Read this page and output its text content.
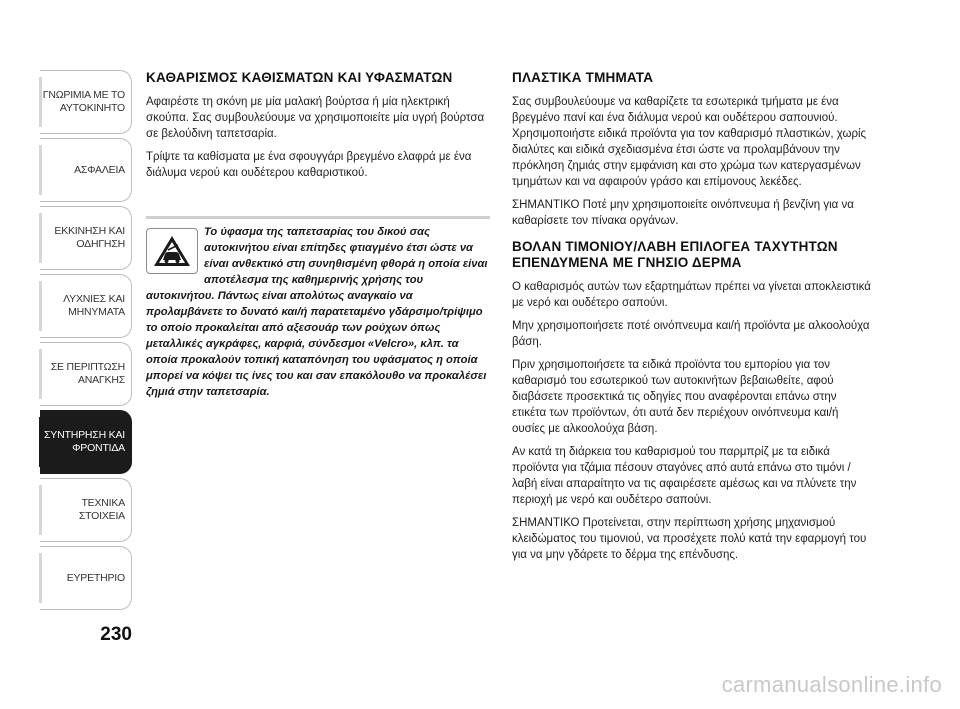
ΓΝΩΡΙΜΙΑ ΜΕ ΤΟ ΑΥΤΟΚΙΝΗΤΟ
ΑΣΦΑΛΕΙΑ
ΕΚΚΙΝΗΣΗ ΚΑΙ ΟΔΗΓΗΣΗ
ΛΥΧΝΙΕΣ ΚΑΙ ΜΗΝΥΜΑΤΑ
ΣΕ ΠΕΡΙΠΤΩΣΗ ΑΝΑΓΚΗΣ
ΣΥΝΤΗΡΗΣΗ ΚΑΙ ΦΡΟΝΤΙΔΑ
ΤΕΧΝΙΚΑ ΣΤΟΙΧΕΙΑ
ΕΥΡΕΤΗΡΙΟ
230
ΚΑΘΑΡΙΣΜΟΣ ΚΑΘΙΣΜΑΤΩΝ ΚΑΙ ΥΦΑΣΜΑΤΩΝ

Αφαιρέστε τη σκόνη με μία μαλακή βούρτσα ή μία ηλεκτρική σκούπα. Σας συμβουλεύουμε να χρησιμοποιείτε μία υγρή βούρτσα σε βελούδινη ταπετσαρία.

Τρίψτε τα καθίσματα με ένα σφουγγάρι βρεγμένο ελαφρά με ένα διάλυμα νερού και ουδέτερου καθαριστικού.

Το ύφασμα της ταπετσαρίας του δικού σας αυτοκινήτου είναι επίτηδες φτιαγμένο έτσι ώστε να είναι ανθεκτικό στη συνηθισμένη φθορά η οποία είναι αποτέλεσμα της καθημερινής χρήσης του αυτοκινήτου. Πάντως είναι απολύτως αναγκαίο να προλαμβάνετε το δυνατό και/ή παρατεταμένο γδάρσιμο/τρίψιμο το οποίο προκαλείται από αξεσουάρ των ρούχων όπως μεταλλικές αγκράφες, καρφιά, σύνδεσμοι «Velcro», κλπ. τα οποία προκαλούν τοπική καταπόνηση του υφάσματος η οποία μπορεί να κόψει τις ίνες του και σαν επακόλουθο να προκαλέσει ζημιά στην ταπετσαρία.
ΠΛΑΣΤΙΚΑ ΤΜΗΜΑΤΑ

Σας συμβουλεύουμε να καθαρίζετε τα εσωτερικά τμήματα με ένα βρεγμένο πανί και ένα διάλυμα νερού και ουδέτερου σαπουνιού. Χρησιμοποιήστε ειδικά προϊόντα για τον καθαρισμό πλαστικών, χωρίς διαλύτες και ειδικά σχεδιασμένα έτσι ώστε να προλαμβάνουν την πρόκληση ζημιάς στην εμφάνιση και στο χρώμα των κατεργασμένων τμημάτων και να αφαιρούν γράσο και επίμονους λεκέδες.

ΣΗΜΑΝΤΙΚΟ Ποτέ μην χρησιμοποιείτε οινόπνευμα ή βενζίνη για να καθαρίσετε τον πίνακα οργάνων.

ΒΟΛΑΝ ΤΙΜΟΝΙΟΥ/ΛΑΒΗ ΕΠΙΛΟΓΕΑ ΤΑΧΥΤΗΤΩΝ ΕΠΕΝΔΥΜΕΝΑ ΜΕ ΓΝΗΣΙΟ ΔΕΡΜΑ

Ο καθαρισμός αυτών των εξαρτημάτων πρέπει να γίνεται αποκλειστικά με νερό και ουδέτερο σαπούνι.

Μην χρησιμοποιήσετε ποτέ οινόπνευμα και/ή προϊόντα με αλκοολούχα βάση.

Πριν χρησιμοποιήσετε τα ειδικά προϊόντα του εμπορίου για τον καθαρισμό του εσωτερικού των αυτοκινήτων βεβαιωθείτε, αφού διαβάσετε προσεκτικά τις οδηγίες που αναφέρονται επάνω στην ετικέτα των προϊόντων, ότι αυτά δεν περιέχουν οινόπνευμα και/ή ουσίες με αλκοολούχα βάση.

Αν κατά τη διάρκεια του καθαρισμού του παρμπρίζ με τα ειδικά προϊόντα για τζάμια πέσουν σταγόνες από αυτά επάνω στο τιμόνι / λαβή είναι απαραίτητο να τις αφαιρέσετε αμέσως και να πλύνετε την περιοχή με νερό και ουδέτερο σαπούνι.

ΣΗΜΑΝΤΙΚΟ Προτείνεται, στην περίπτωση χρήσης μηχανισμού κλειδώματος του τιμονιού, να προσέχετε πολύ κατά την εφαρμογή του για να μην γδάρετε το δέρμα της επένδυσης.

carmanualsonline.info
